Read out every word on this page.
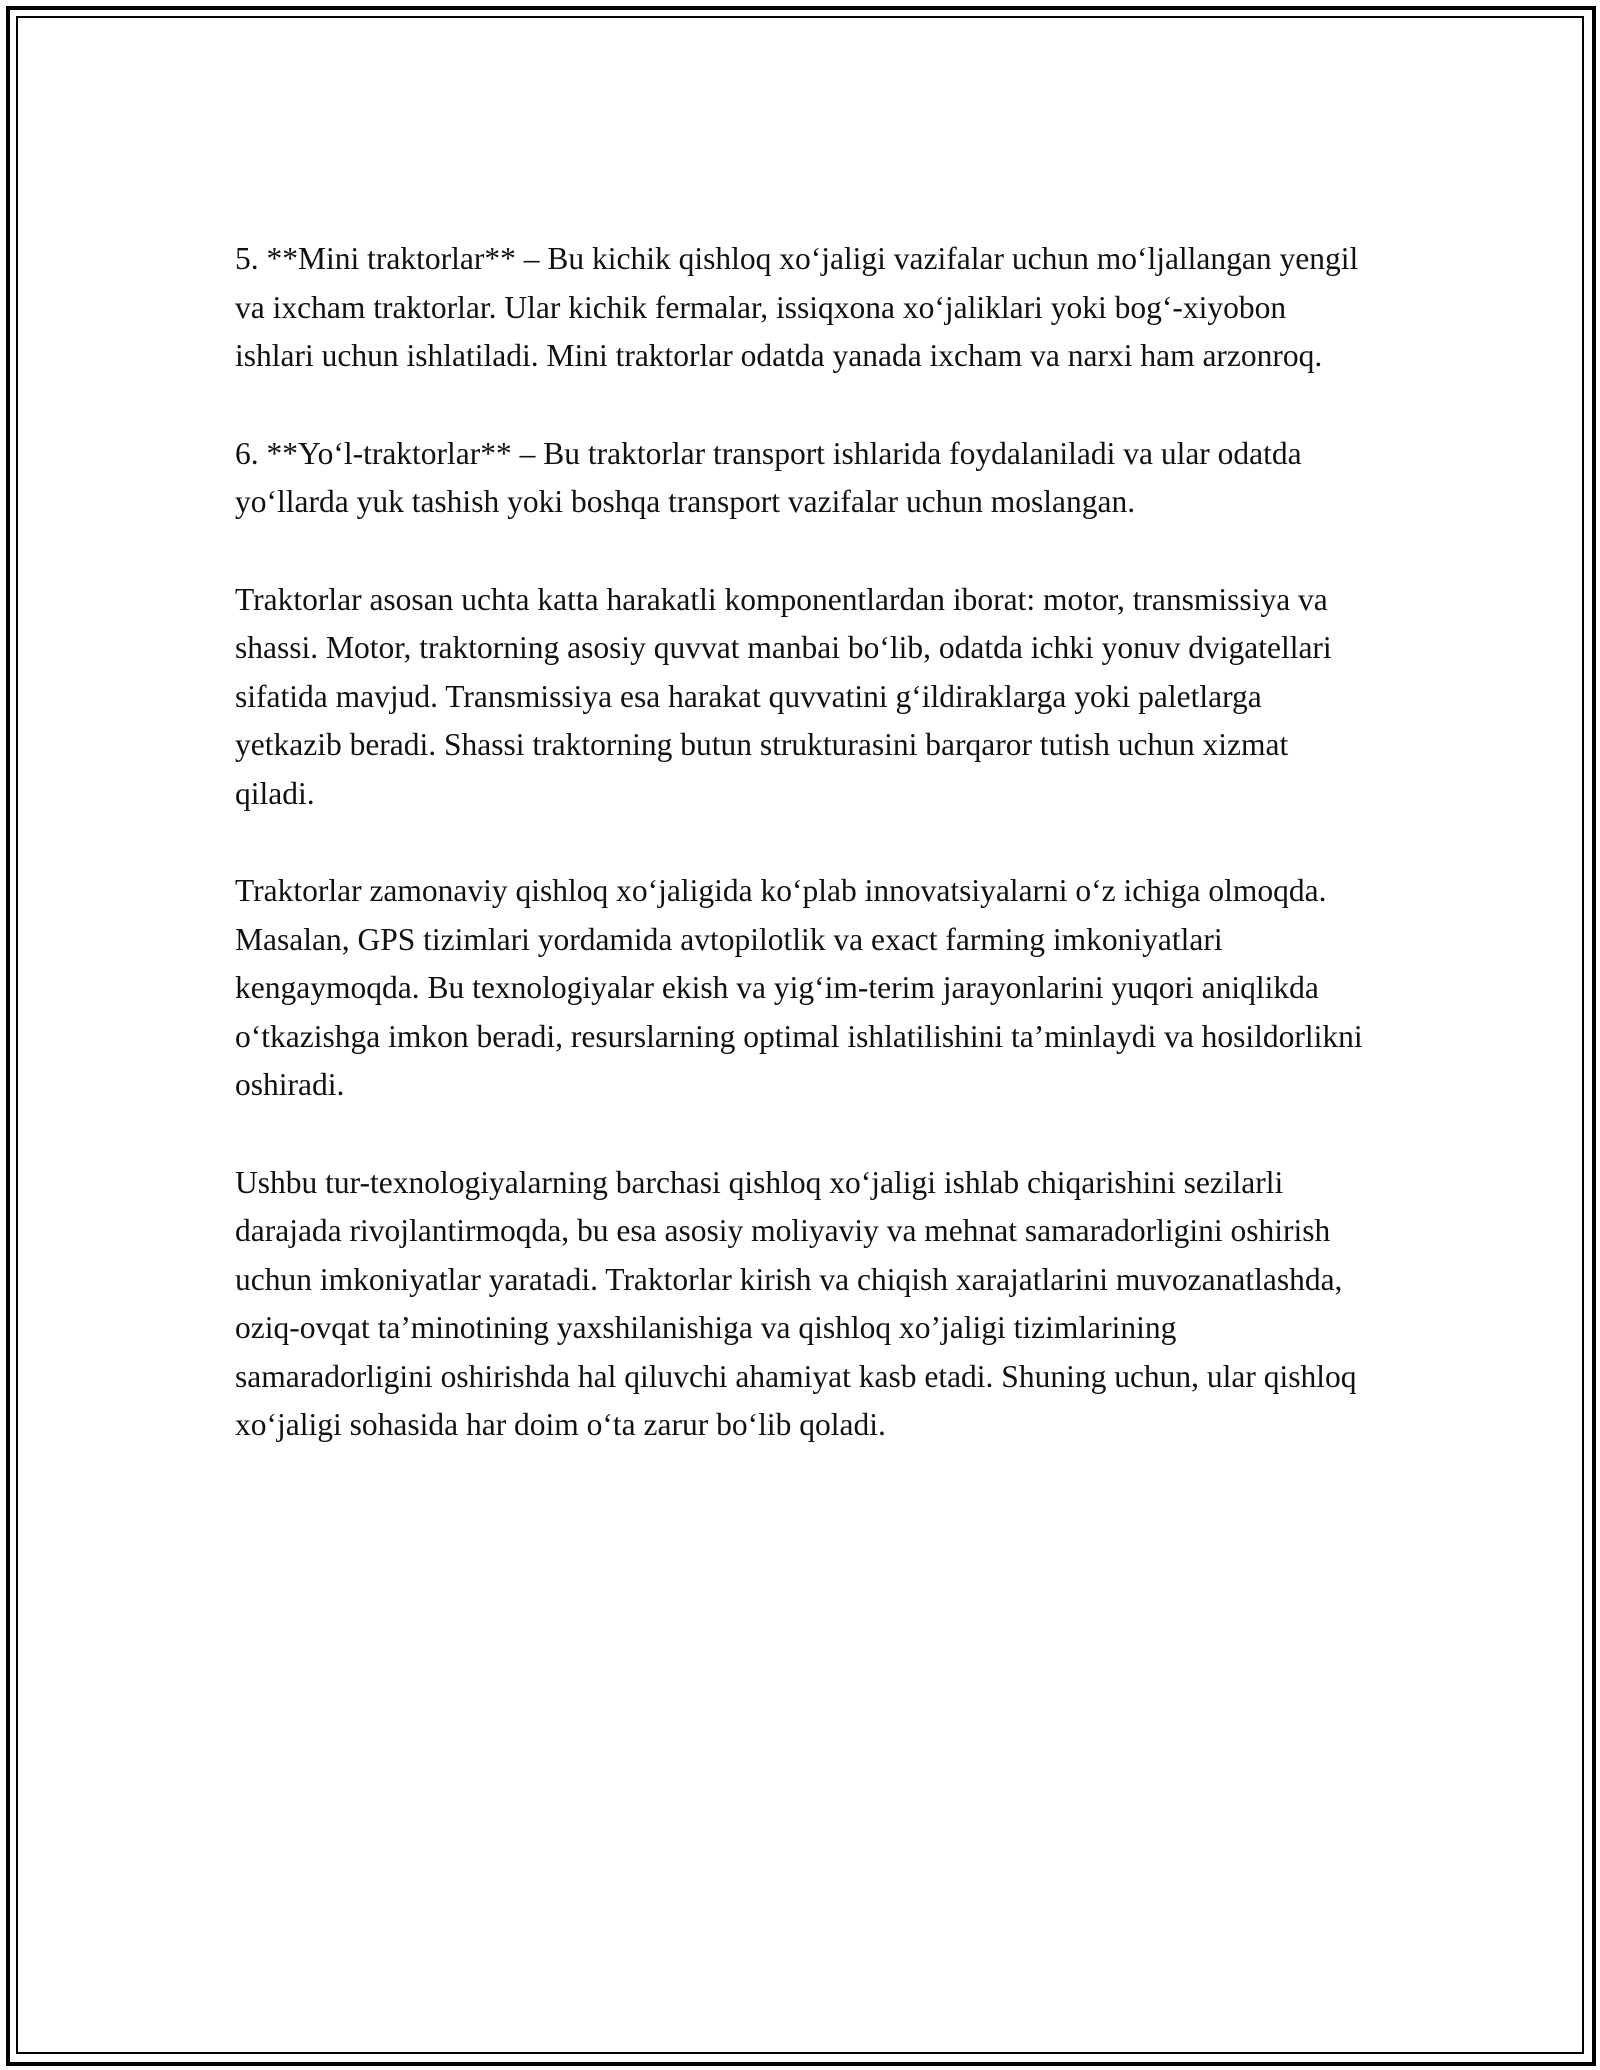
5. **Mini traktorlar** – Bu kichik qishloq xo‘jaligi vazifalar uchun mo‘ljallangan yengil va ixcham traktorlar. Ular kichik fermalar, issiqxona xo‘jaliklari yoki bog‘-xiyobon ishlari uchun ishlatiladi. Mini traktorlar odatda yanada ixcham va narxi ham arzonroq.

6. **Yo‘l-traktorlar** – Bu traktorlar transport ishlarida foydalaniladi va ular odatda yo‘llarda yuk tashish yoki boshqa transport vazifalar uchun moslangan.

Traktorlar asosan uchta katta harakatli komponentlardan iborat: motor, transmissiya va shassi. Motor, traktorning asosiy quvvat manbai bo‘lib, odatda ichki yonuv dvigatellari sifatida mavjud. Transmissiya esa harakat quvvatini g‘ildiraklarga yoki paletlarga yetkazib beradi. Shassi traktorning butun strukturasini barqaror tutish uchun xizmat qiladi.

Traktorlar zamonaviy qishloq xo‘jaligida ko‘plab innovatsiyalarni o‘z ichiga olmoqda. Masalan, GPS tizimlari yordamida avtopilotlik va exact farming imkoniyatlari kengaymoqda. Bu texnologiyalar ekish va yig‘im-terim jarayonlarini yuqori aniqlikda o‘tkazishga imkon beradi, resurslarning optimal ishlatilishini ta’minlaydi va hosildorlikni oshiradi.

Ushbu tur-texnologiyalarning barchasi qishloq xo‘jaligi ishlab chiqarishini sezilarli darajada rivojlantirmoqda, bu esa asosiy moliyaviy va mehnat samaradorligini oshirish uchun imkoniyatlar yaratadi. Traktorlar kirish va chiqish xarajatlarini muvozanatlashda, oziq-ovqat ta’minotining yaxshilanishiga va qishloq xo’jaligi tizimlarining samaradorligini oshirishda hal qiluvchi ahamiyat kasb etadi. Shuning uchun, ular qishloq xo‘jaligi sohasida har doim o‘ta zarur bo‘lib qoladi.
